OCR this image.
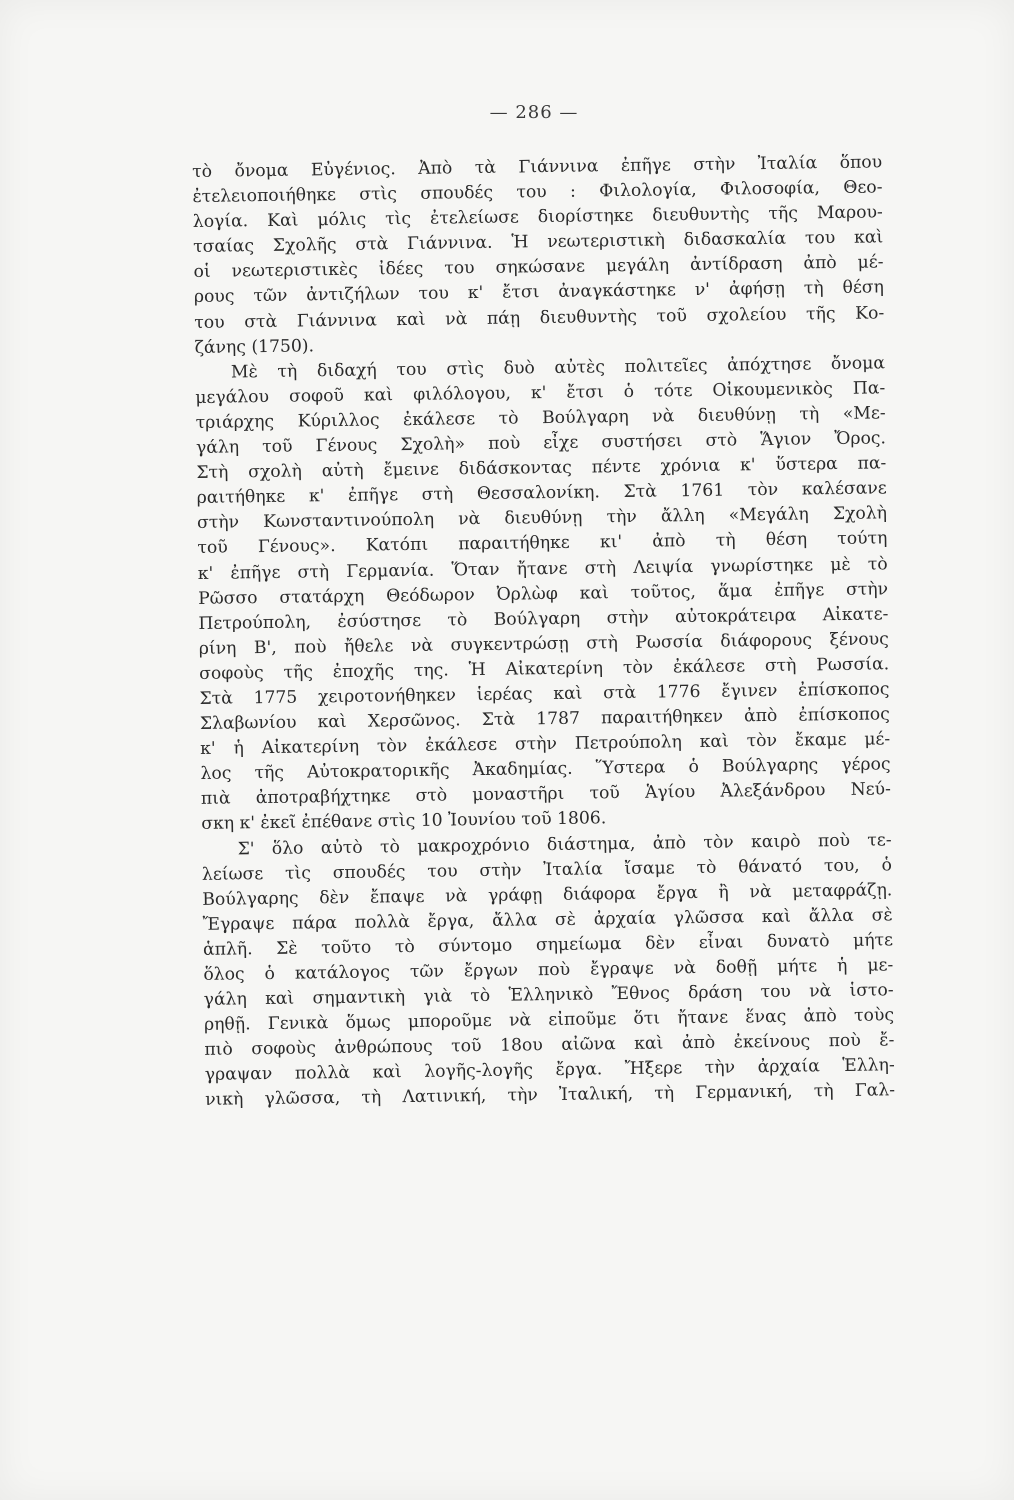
— 286 —
τὸ ὄνομα Εὐγένιος. Ἀπὸ τὰ Γιάννινα ἐπῆγε στὴν Ἰταλία ὅπου
ἐτελειοποιήθηκε στὶς σπουδές του : Φιλολογία, Φιλοσοφία, Θεο-
λογία. Καὶ μόλις τὶς ἐτελείωσε διορίστηκε διευθυντὴς τῆς Μαρου-
τσαίας Σχολῆς στὰ Γιάννινα. Ἡ νεωτεριστικὴ διδασκαλία του καὶ
οἱ νεωτεριστικὲς ἰδέες του σηκώσανε μεγάλη ἀντίδραση ἀπὸ μέ-
ρους τῶν ἀντιζήλων του κ' ἔτσι ἀναγκάστηκε ν' ἀφήσῃ τὴ θέση
του στὰ Γιάννινα καὶ νὰ πάῃ διευθυντὴς τοῦ σχολείου τῆς Κο-
ζάνης (1750).
Μὲ τὴ διδαχή του στὶς δυὸ αὐτὲς πολιτεῖες ἀπόχτησε ὄνομα
μεγάλου σοφοῦ καὶ φιλόλογου, κ' ἔτσι ὁ τότε Οἰκουμενικὸς Πα-
τριάρχης Κύριλλος ἐκάλεσε τὸ Βούλγαρη νὰ διευθύνῃ τὴ «Με-
γάλη τοῦ Γένους Σχολὴ» ποὺ εἶχε συστήσει στὸ Ἅγιον Ὄρος.
Στὴ σχολὴ αὐτὴ ἔμεινε διδάσκοντας πέντε χρόνια κ' ὕστερα πα-
ραιτήθηκε κ' ἐπῆγε στὴ Θεσσαλονίκη. Στὰ 1761 τὸν καλέσανε
στὴν Κωνσταντινούπολη νὰ διευθύνῃ τὴν ἄλλη «Μεγάλη Σχολὴ
τοῦ Γένους». Κατόπι παραιτήθηκε κι' ἀπὸ τὴ θέση τούτη
κ' ἐπῆγε στὴ Γερμανία. Ὅταν ἤτανε στὴ Λειψία γνωρίστηκε μὲ τὸ
Ρῶσσο στατάρχη Θεόδωρον Ὀρλὼφ καὶ τοῦτος, ἅμα ἐπῆγε στὴν
Πετρούπολη, ἐσύστησε τὸ Βούλγαρη στὴν αὐτοκράτειρα Αἰκατε-
ρίνη Β', ποὺ ἤθελε νὰ συγκεντρώσῃ στὴ Ρωσσία διάφορους ξένους
σοφοὺς τῆς ἐποχῆς της. Ἡ Αἰκατερίνη τὸν ἐκάλεσε στὴ Ρωσσία.
Στὰ 1775 χειροτονήθηκεν ἱερέας καὶ στὰ 1776 ἔγινεν ἐπίσκοπος
Σλαβωνίου καὶ Χερσῶνος. Στὰ 1787 παραιτήθηκεν ἀπὸ ἐπίσκοπος
κ' ἡ Αἰκατερίνη τὸν ἐκάλεσε στὴν Πετρούπολη καὶ τὸν ἔκαμε μέ-
λος τῆς Αὐτοκρατορικῆς Ἀκαδημίας. Ὕστερα ὁ Βούλγαρης γέρος
πιὰ ἀποτραβήχτηκε στὸ μοναστῆρι τοῦ Ἁγίου Ἀλεξάνδρου Νεύ-
σκη κ' ἐκεῖ ἐπέθανε στὶς 10 Ἰουνίου τοῦ 1806.
Σ' ὅλο αὐτὸ τὸ μακροχρόνιο διάστημα, ἀπὸ τὸν καιρὸ ποὺ τε-
λείωσε τὶς σπουδές του στὴν Ἰταλία ἴσαμε τὸ θάνατό του, ὁ
Βούλγαρης δὲν ἔπαψε νὰ γράφῃ διάφορα ἔργα ἢ νὰ μεταφράζῃ.
Ἔγραψε πάρα πολλὰ ἔργα, ἄλλα σὲ ἀρχαία γλῶσσα καὶ ἄλλα σὲ
ἁπλῆ. Σὲ τοῦτο τὸ σύντομο σημείωμα δὲν εἶναι δυνατὸ μήτε
ὅλος ὁ κατάλογος τῶν ἔργων ποὺ ἔγραψε νὰ δοθῇ μήτε ἡ με-
γάλη καὶ σημαντικὴ γιὰ τὸ Ἑλληνικὸ Ἔθνος δράση του νὰ ἱστο-
ρηθῇ. Γενικὰ ὅμως μποροῦμε νὰ εἰποῦμε ὅτι ἤτανε ἕνας ἀπὸ τοὺς
πιὸ σοφοὺς ἀνθρώπους τοῦ 18ου αἰῶνα καὶ ἀπὸ ἐκείνους ποὺ ἔ-
γραψαν πολλὰ καὶ λογῆς-λογῆς ἔργα. Ἤξερε τὴν ἀρχαία Ἑλλη-
νικὴ γλῶσσα, τὴ Λατινική, τὴν Ἰταλική, τὴ Γερμανική, τὴ Γαλ-
